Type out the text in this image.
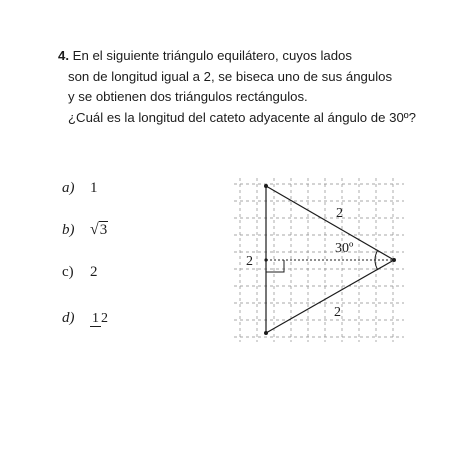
4. En el siguiente triángulo equilátero, cuyos lados
son de longitud igual a 2, se biseca uno de sus ángulos
y se obtienen dos triángulos rectángulos.
¿Cuál es la longitud del cateto adyacente al ángulo de 30º?
a) 1
b) √3
c) 2
d) 1 2
2
2
2
30º
